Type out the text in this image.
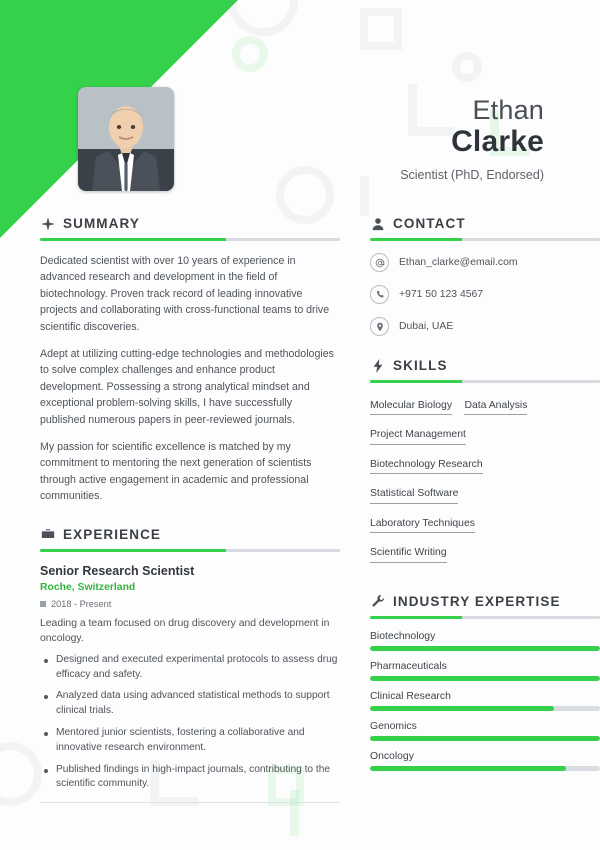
Ethan
Clarke
Scientist (PhD, Endorsed)
SUMMARY

Dedicated scientist with over 10 years of experience in advanced research and development in the field of biotechnology. Proven track record of leading innovative projects and collaborating with cross-functional teams to drive scientific discoveries.

Adept at utilizing cutting-edge technologies and methodologies to solve complex challenges and enhance product development. Possessing a strong analytical mindset and exceptional problem-solving skills, I have successfully published numerous papers in peer-reviewed journals.

My passion for scientific excellence is matched by my commitment to mentoring the next generation of scientists through active engagement in academic and professional communities.

EXPERIENCE
Senior Research Scientist
Roche, Switzerland
2018 - Present
Leading a team focused on drug discovery and development in oncology.
Designed and executed experimental protocols to assess drug efficacy and safety.
Analyzed data using advanced statistical methods to support clinical trials.
Mentored junior scientists, fostering a collaborative and innovative research environment.
Published findings in high-impact journals, contributing to the scientific community.
CONTACT
Ethan_clarke@email.com
+971 50 123 4567
Dubai, UAE
SKILLS
Molecular Biology Data Analysis
Project Management
Biotechnology Research
Statistical Software
Laboratory Techniques
Scientific Writing
INDUSTRY EXPERTISE
Biotechnology
Pharmaceuticals
Clinical Research
Genomics
Oncology
